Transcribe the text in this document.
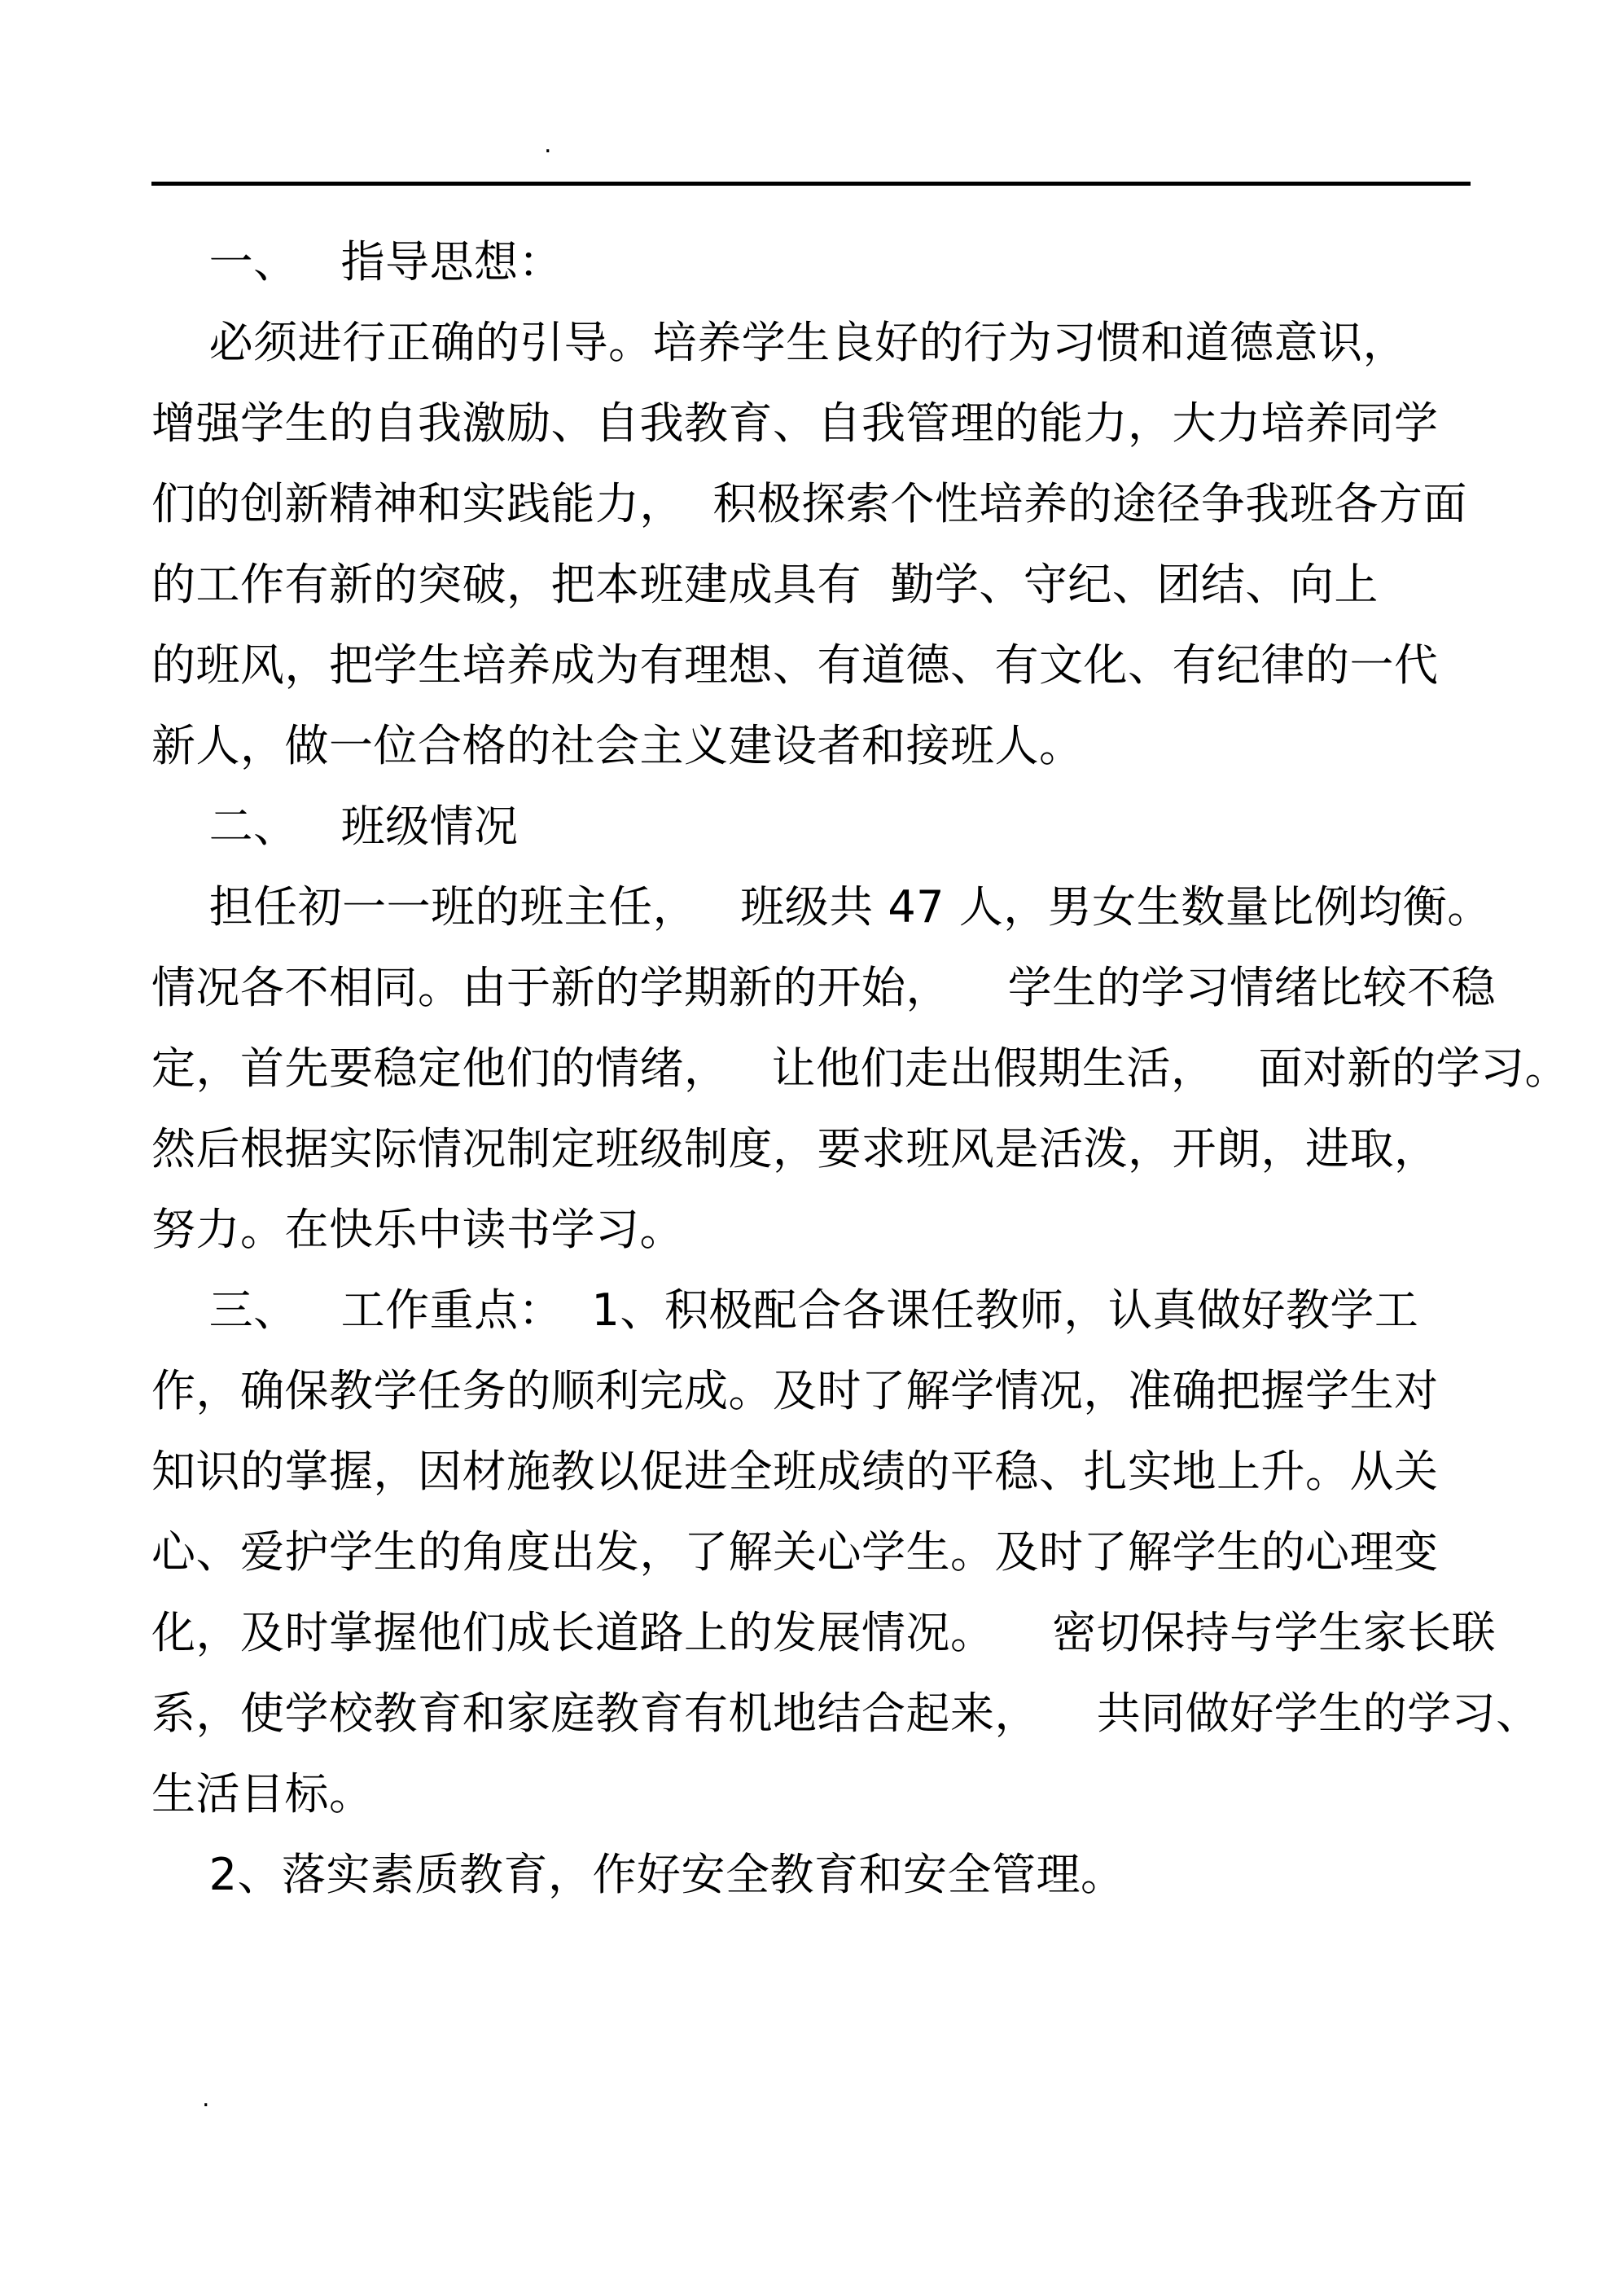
.
一、   指导思想：
必须进行正确的引导。培养学生良好的行为习惯和道德意识，
增强学生的自我激励、自我教育、自我管理的能力，大力培养同学
们的创新精神和实践能力，  积极探索个性培养的途径争我班各方面
的工作有新的突破，把本班建成具有  勤学、守纪、团结、向上
的班风，把学生培养成为有理想、有道德、有文化、有纪律的一代
新人，做一位合格的社会主义建设者和接班人。
二、   班级情况
担任初一一班的班主任，   班级共 47 人，男女生数量比例均衡。
情况各不相同。由于新的学期新的开始，    学生的学习情绪比较不稳
定，首先要稳定他们的情绪，   让他们走出假期生活，   面对新的学习。
然后根据实际情况制定班级制度，要求班风是活泼，开朗，进取，
努力。在快乐中读书学习。
三、   工作重点：  1、积极配合各课任教师，认真做好教学工
作，确保教学任务的顺利完成。及时了解学情况，准确把握学生对
知识的掌握，因材施教以促进全班成绩的平稳、扎实地上升。从关
心、爱护学生的角度出发，了解关心学生。及时了解学生的心理变
化，及时掌握他们成长道路上的发展情况。    密切保持与学生家长联
系，使学校教育和家庭教育有机地结合起来，    共同做好学生的学习、
生活目标。
2、落实素质教育，作好安全教育和安全管理。
.
